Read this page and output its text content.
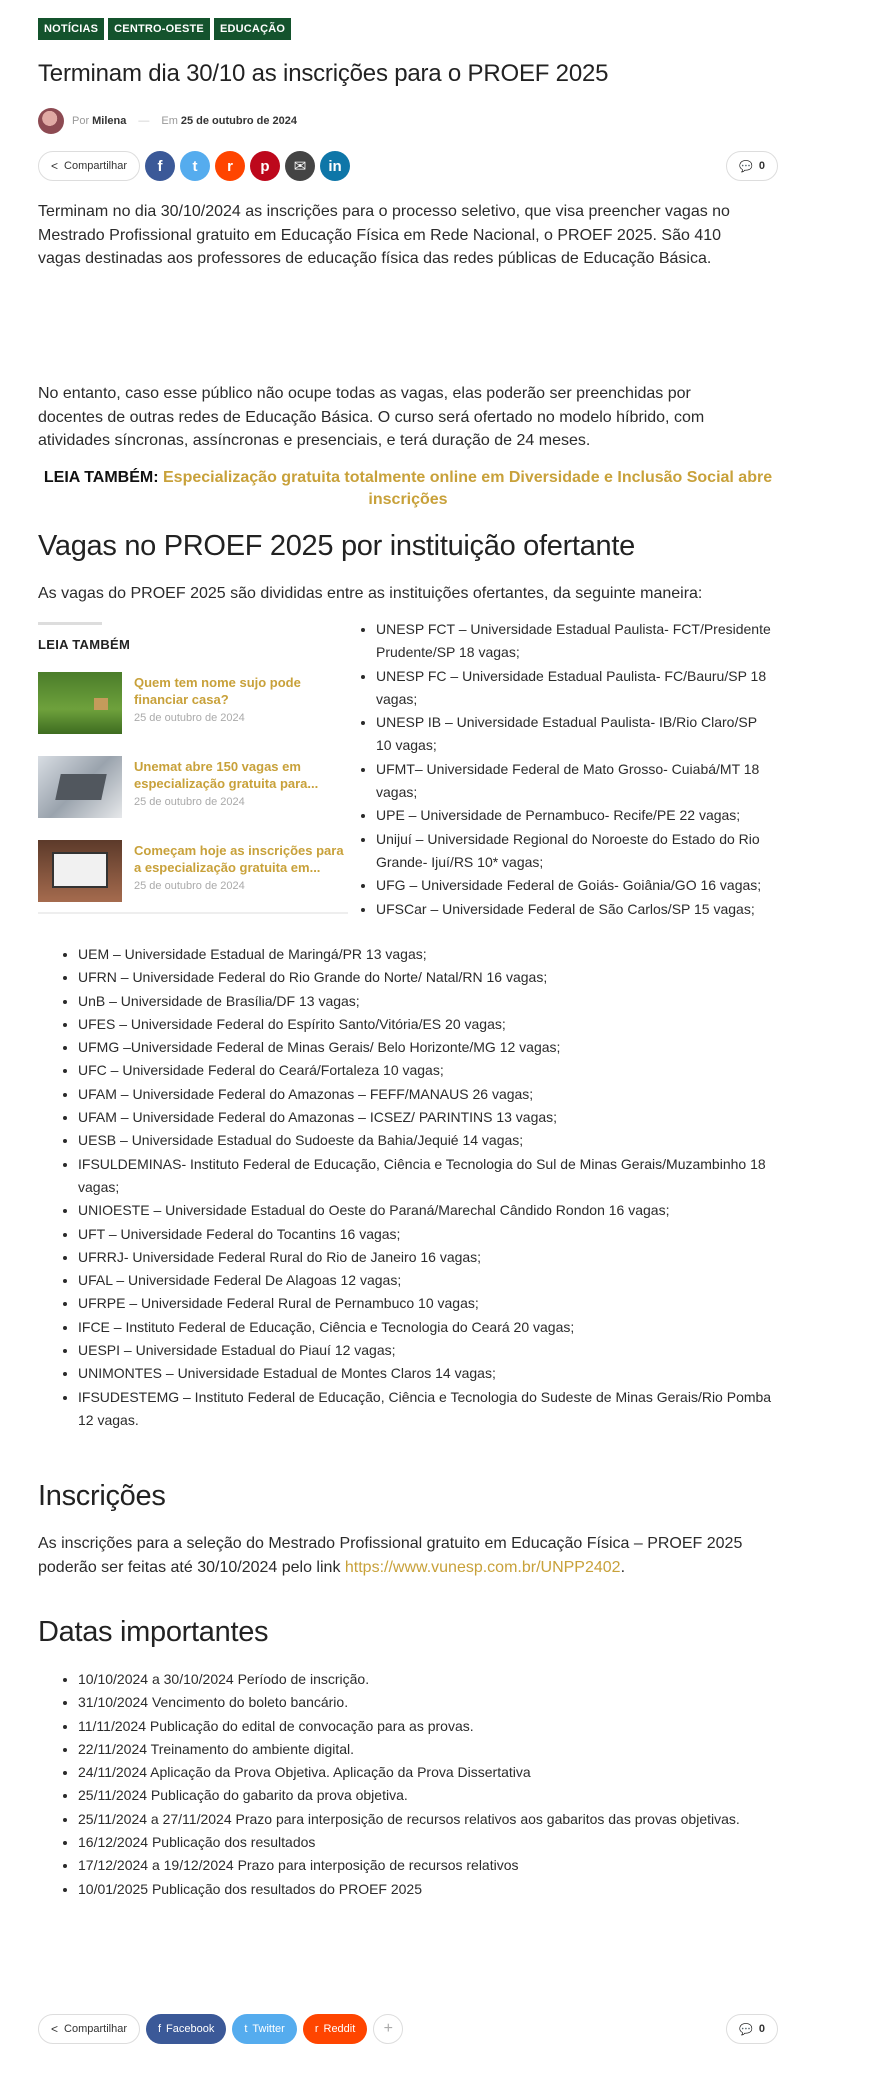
NOTÍCIAS	CENTRO-OESTE	EDUCAÇÃO
Terminam dia 30/10 as inscrições para o PROEF 2025
Por Milena — Em 25 de outubro de 2024
< Compartilhar	f	t	r	p	✉	in	💬 0

Terminam no dia 30/10/2024 as inscrições para o processo seletivo, que visa preencher vagas no Mestrado Profissional gratuito em Educação Física em Rede Nacional, o PROEF 2025. São 410 vagas destinadas aos professores de educação física das redes públicas de Educação Básica.

No entanto, caso esse público não ocupe todas as vagas, elas poderão ser preenchidas por docentes de outras redes de Educação Básica. O curso será ofertado no modelo híbrido, com atividades síncronas, assíncronas e presenciais, e terá duração de 24 meses.

LEIA TAMBÉM: Especialização gratuita totalmente online em Diversidade e Inclusão Social abre inscrições
Vagas no PROEF 2025 por instituição ofertante

As vagas do PROEF 2025 são divididas entre as instituições ofertantes, da seguinte maneira:

LEIA TAMBÉM
Quem tem nome sujo pode financiar casa?
25 de outubro de 2024
Unemat abre 150 vagas em especialização gratuita para...
25 de outubro de 2024
Começam hoje as inscrições para a especialização gratuita em...
25 de outubro de 2024
• UNESP FCT – Universidade Estadual Paulista- FCT/Presidente Prudente/SP 18 vagas;
• UNESP FC – Universidade Estadual Paulista- FC/Bauru/SP 18 vagas;
• UNESP IB – Universidade Estadual Paulista- IB/Rio Claro/SP 10 vagas;
• UFMT– Universidade Federal de Mato Grosso- Cuiabá/MT 18 vagas;
• UPE – Universidade de Pernambuco- Recife/PE 22 vagas;
• Unijuí – Universidade Regional do Noroeste do Estado do Rio Grande- Ijuí/RS 10* vagas;
• UFG – Universidade Federal de Goiás- Goiânia/GO 16 vagas;
• UFSCar – Universidade Federal de São Carlos/SP 15 vagas;
• UEM – Universidade Estadual de Maringá/PR 13 vagas;
• UFRN – Universidade Federal do Rio Grande do Norte/ Natal/RN 16 vagas;
• UnB – Universidade de Brasília/DF 13 vagas;
• UFES – Universidade Federal do Espírito Santo/Vitória/ES 20 vagas;
• UFMG –Universidade Federal de Minas Gerais/ Belo Horizonte/MG 12 vagas;
• UFC – Universidade Federal do Ceará/Fortaleza 10 vagas;
• UFAM – Universidade Federal do Amazonas – FEFF/MANAUS 26 vagas;
• UFAM – Universidade Federal do Amazonas – ICSEZ/ PARINTINS 13 vagas;
• UESB – Universidade Estadual do Sudoeste da Bahia/Jequié 14 vagas;
• IFSULDEMINAS- Instituto Federal de Educação, Ciência e Tecnologia do Sul de Minas Gerais/Muzambinho 18 vagas;
• UNIOESTE – Universidade Estadual do Oeste do Paraná/Marechal Cândido Rondon 16 vagas;
• UFT – Universidade Federal do Tocantins 16 vagas;
• UFRRJ- Universidade Federal Rural do Rio de Janeiro 16 vagas;
• UFAL – Universidade Federal De Alagoas 12 vagas;
• UFRPE – Universidade Federal Rural de Pernambuco 10 vagas;
• IFCE – Instituto Federal de Educação, Ciência e Tecnologia do Ceará 20 vagas;
• UESPI – Universidade Estadual do Piauí 12 vagas;
• UNIMONTES – Universidade Estadual de Montes Claros 14 vagas;
• IFSUDESTEMG – Instituto Federal de Educação, Ciência e Tecnologia do Sudeste de Minas Gerais/Rio Pomba 12 vagas.
Inscrições

As inscrições para a seleção do Mestrado Profissional gratuito em Educação Física – PROEF 2025 poderão ser feitas até 30/10/2024 pelo link https://www.vunesp.com.br/UNPP2402.

Datas importantes
• 10/10/2024 a 30/10/2024 Período de inscrição.
• 31/10/2024 Vencimento do boleto bancário.
• 11/11/2024 Publicação do edital de convocação para as provas.
• 22/11/2024 Treinamento do ambiente digital.
• 24/11/2024 Aplicação da Prova Objetiva. Aplicação da Prova Dissertativa
• 25/11/2024 Publicação do gabarito da prova objetiva.
• 25/11/2024 a 27/11/2024 Prazo para interposição de recursos relativos aos gabaritos das provas objetivas.
• 16/12/2024 Publicação dos resultados
• 17/12/2024 a 19/12/2024 Prazo para interposição de recursos relativos
• 10/01/2025 Publicação dos resultados do PROEF 2025
< Compartilhar	f Facebook	t Twitter	r Reddit	+	💬 0
